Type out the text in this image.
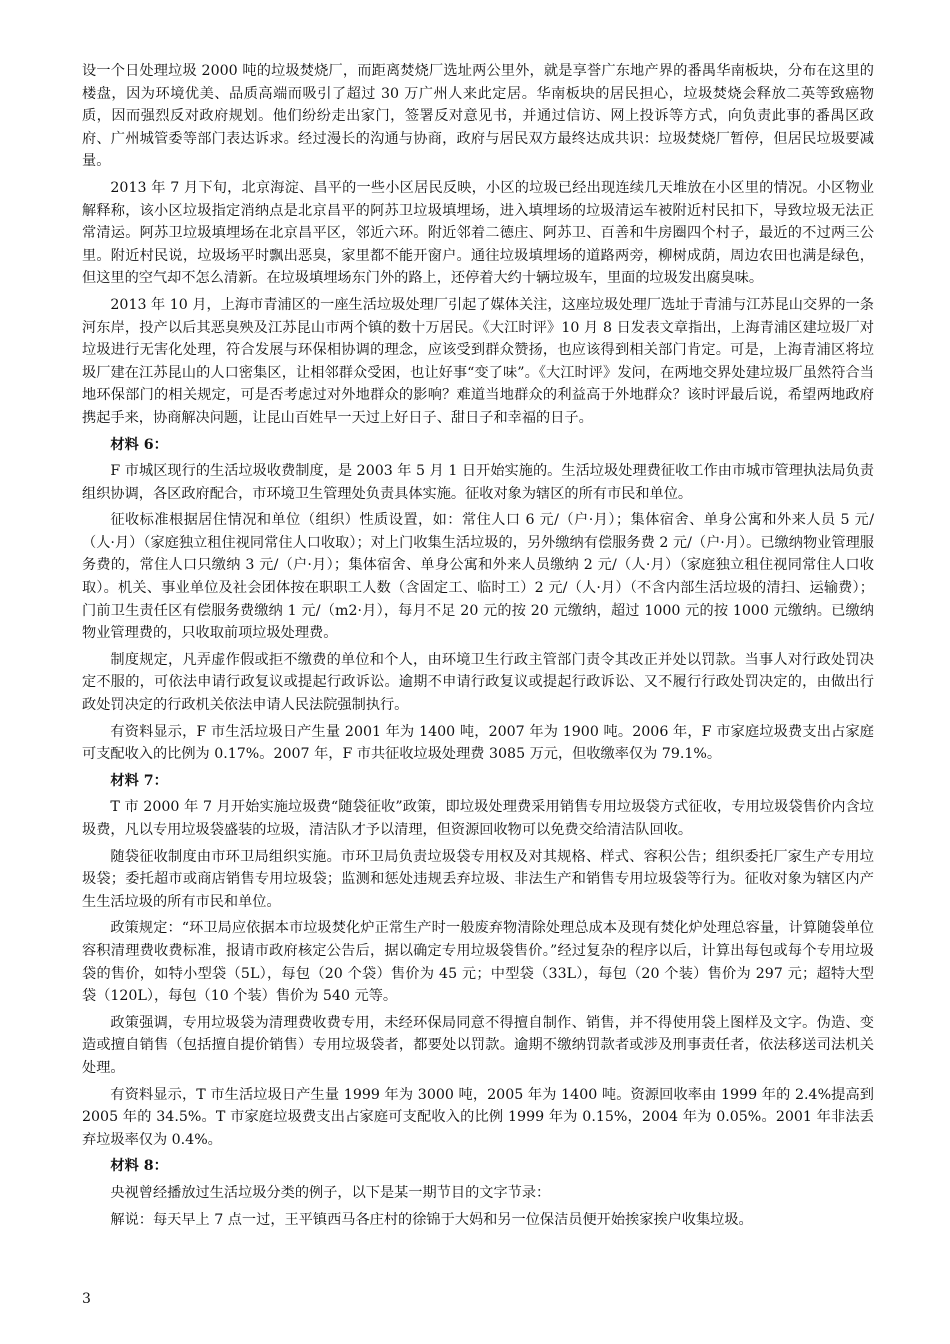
设一个日处理垃圾 2000 吨的垃圾焚烧厂，而距离焚烧厂选址两公里外，就是享誉广东地产界的番禺华南板块，分布在这里的楼盘，因为环境优美、品质高端而吸引了超过 30 万广州人来此定居。华南板块的居民担心，垃圾焚烧会释放二英等致癌物质，因而强烈反对政府规划。他们纷纷走出家门，签署反对意见书，并通过信访、网上投诉等方式，向负责此事的番禺区政府、广州城管委等部门表达诉求。经过漫长的沟通与协商，政府与居民双方最终达成共识：垃圾焚烧厂暂停，但居民垃圾要减量。

2013 年 7 月下旬，北京海淀、昌平的一些小区居民反映，小区的垃圾已经出现连续几天堆放在小区里的情况。小区物业解释称，该小区垃圾指定消纳点是北京昌平的阿苏卫垃圾填埋场，进入填埋场的垃圾清运车被附近村民扣下，导致垃圾无法正常清运。阿苏卫垃圾填埋场在北京昌平区，邻近六环。附近邻着二德庄、阿苏卫、百善和牛房圈四个村子，最近的不过两三公里。附近村民说，垃圾场平时飘出恶臭，家里都不能开窗户。通往垃圾填埋场的道路两旁，柳树成荫，周边农田也满是绿色，但这里的空气却不怎么清新。在垃圾填埋场东门外的路上，还停着大约十辆垃圾车，里面的垃圾发出腐臭味。

2013 年 10 月，上海市青浦区的一座生活垃圾处理厂引起了媒体关注，这座垃圾处理厂选址于青浦与江苏昆山交界的一条河东岸，投产以后其恶臭殃及江苏昆山市两个镇的数十万居民。《大江时评》10 月 8 日发表文章指出，上海青浦区建垃圾厂对垃圾进行无害化处理，符合发展与环保相协调的理念，应该受到群众赞扬，也应该得到相关部门肯定。可是，上海青浦区将垃圾厂建在江苏昆山的人口密集区，让相邻群众受困，也让好事“变了味”。《大江时评》发问，在两地交界处建垃圾厂虽然符合当地环保部门的相关规定，可是否考虑过对外地群众的影响？难道当地群众的利益高于外地群众？该时评最后说，希望两地政府携起手来，协商解决问题，让昆山百姓早一天过上好日子、甜日子和幸福的日子。

材料 6：

F 市城区现行的生活垃圾收费制度，是 2003 年 5 月 1 日开始实施的。生活垃圾处理费征收工作由市城市管理执法局负责组织协调，各区政府配合，市环境卫生管理处负责具体实施。征收对象为辖区的所有市民和单位。

征收标准根据居住情况和单位（组织）性质设置，如：常住人口 6 元/（户·月）；集体宿舍、单身公寓和外来人员 5 元/（人·月）（家庭独立租住视同常住人口收取）；对上门收集生活垃圾的，另外缴纳有偿服务费 2 元/（户·月）。已缴纳物业管理服务费的，常住人口只缴纳 3 元/（户·月）；集体宿舍、单身公寓和外来人员缴纳 2 元/（人·月）（家庭独立租住视同常住人口收取）。机关、事业单位及社会团体按在职职工人数（含固定工、临时工）2 元/（人·月）（不含内部生活垃圾的清扫、运输费）；门前卫生责任区有偿服务费缴纳 1 元/（m2·月），每月不足 20 元的按 20 元缴纳，超过 1000 元的按 1000 元缴纳。已缴纳物业管理费的，只收取前项垃圾处理费。

制度规定，凡弄虚作假或拒不缴费的单位和个人，由环境卫生行政主管部门责令其改正并处以罚款。当事人对行政处罚决定不服的，可依法申请行政复议或提起行政诉讼。逾期不申请行政复议或提起行政诉讼、又不履行行政处罚决定的，由做出行政处罚决定的行政机关依法申请人民法院强制执行。

有资料显示，F 市生活垃圾日产生量 2001 年为 1400 吨，2007 年为 1900 吨。2006 年，F 市家庭垃圾费支出占家庭可支配收入的比例为 0.17%。2007 年，F 市共征收垃圾处理费 3085 万元，但收缴率仅为 79.1%。

材料 7：

T 市 2000 年 7 月开始实施垃圾费“随袋征收”政策，即垃圾处理费采用销售专用垃圾袋方式征收，专用垃圾袋售价内含垃圾费，凡以专用垃圾袋盛装的垃圾，清洁队才予以清理，但资源回收物可以免费交给清洁队回收。

随袋征收制度由市环卫局组织实施。市环卫局负责垃圾袋专用权及对其规格、样式、容积公告；组织委托厂家生产专用垃圾袋；委托超市或商店销售专用垃圾袋；监测和惩处违规丢弃垃圾、非法生产和销售专用垃圾袋等行为。征收对象为辖区内产生生活垃圾的所有市民和单位。

政策规定：“环卫局应依据本市垃圾焚化炉正常生产时一般废弃物清除处理总成本及现有焚化炉处理总容量，计算随袋单位容积清理费收费标准，报请市政府核定公告后，据以确定专用垃圾袋售价。”经过复杂的程序以后，计算出每包或每个专用垃圾袋的售价，如特小型袋（5L），每包（20 个袋）售价为 45 元；中型袋（33L），每包（20 个装）售价为 297 元；超特大型袋（120L），每包（10 个装）售价为 540 元等。

政策强调，专用垃圾袋为清理费收费专用，未经环保局同意不得擅自制作、销售，并不得使用袋上图样及文字。伪造、变造或擅自销售（包括擅自提价销售）专用垃圾袋者，都要处以罚款。逾期不缴纳罚款者或涉及刑事责任者，依法移送司法机关处理。

有资料显示，T 市生活垃圾日产生量 1999 年为 3000 吨，2005 年为 1400 吨。资源回收率由 1999 年的 2.4%提高到 2005 年的 34.5%。T 市家庭垃圾费支出占家庭可支配收入的比例 1999 年为 0.15%，2004 年为 0.05%。2001 年非法丢弃垃圾率仅为 0.4%。

材料 8：

央视曾经播放过生活垃圾分类的例子，以下是某一期节目的文字节录：

解说：每天早上 7 点一过，王平镇西马各庄村的徐锦于大妈和另一位保洁员便开始挨家挨户收集垃圾。

3
